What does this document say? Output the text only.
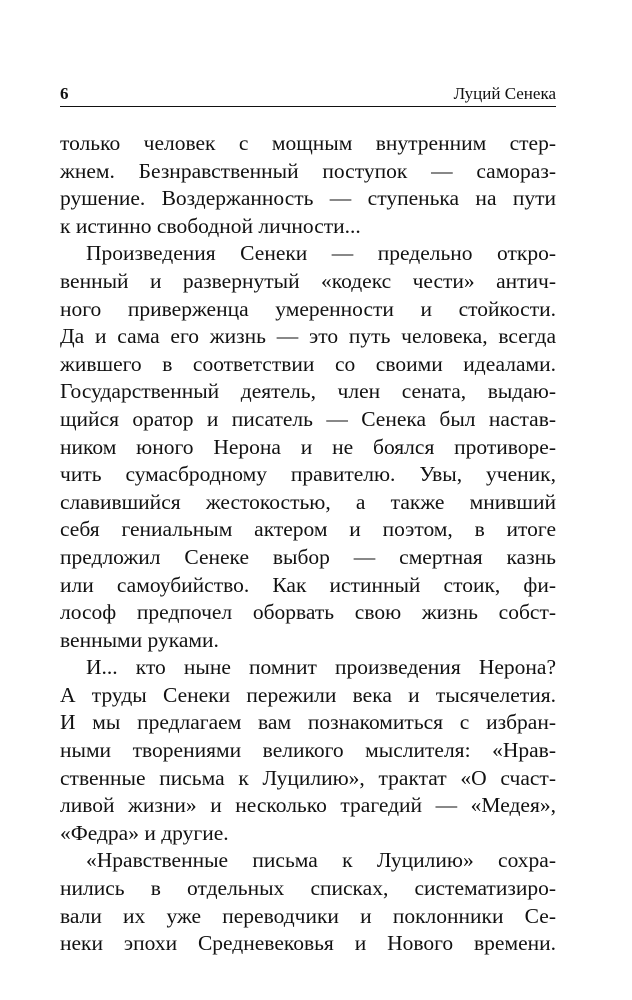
6	Луций Сенека
только человек с мощным внутренним стер-
жнем. Безнравственный поступок — самораз-
рушение. Воздержанность — ступенька на пути
к истинно свободной личности...
Произведения Сенеки — предельно откро-
венный и развернутый «кодекс чести» антич-
ного приверженца умеренности и стойкости.
Да и сама его жизнь — это путь человека, всегда
жившего в соответствии со своими идеалами.
Государственный деятель, член сената, выдаю-
щийся оратор и писатель — Сенека был настав-
ником юного Нерона и не боялся противоре-
чить сумасбродному правителю. Увы, ученик,
славившийся жестокостью, а также мнивший
себя гениальным актером и поэтом, в итоге
предложил Сенеке выбор — смертная казнь
или самоубийство. Как истинный стоик, фи-
лософ предпочел оборвать свою жизнь собст-
венными руками.
И... кто ныне помнит произведения Нерона?
А труды Сенеки пережили века и тысячелетия.
И мы предлагаем вам познакомиться с избран-
ными творениями великого мыслителя: «Нрав-
ственные письма к Луцилию», трактат «О счаст-
ливой жизни» и несколько трагедий — «Медея»,
«Федра» и другие.
«Нравственные письма к Луцилию» сохра-
нились в отдельных списках, систематизиро-
вали их уже переводчики и поклонники Се-
неки эпохи Средневековья и Нового времени.
